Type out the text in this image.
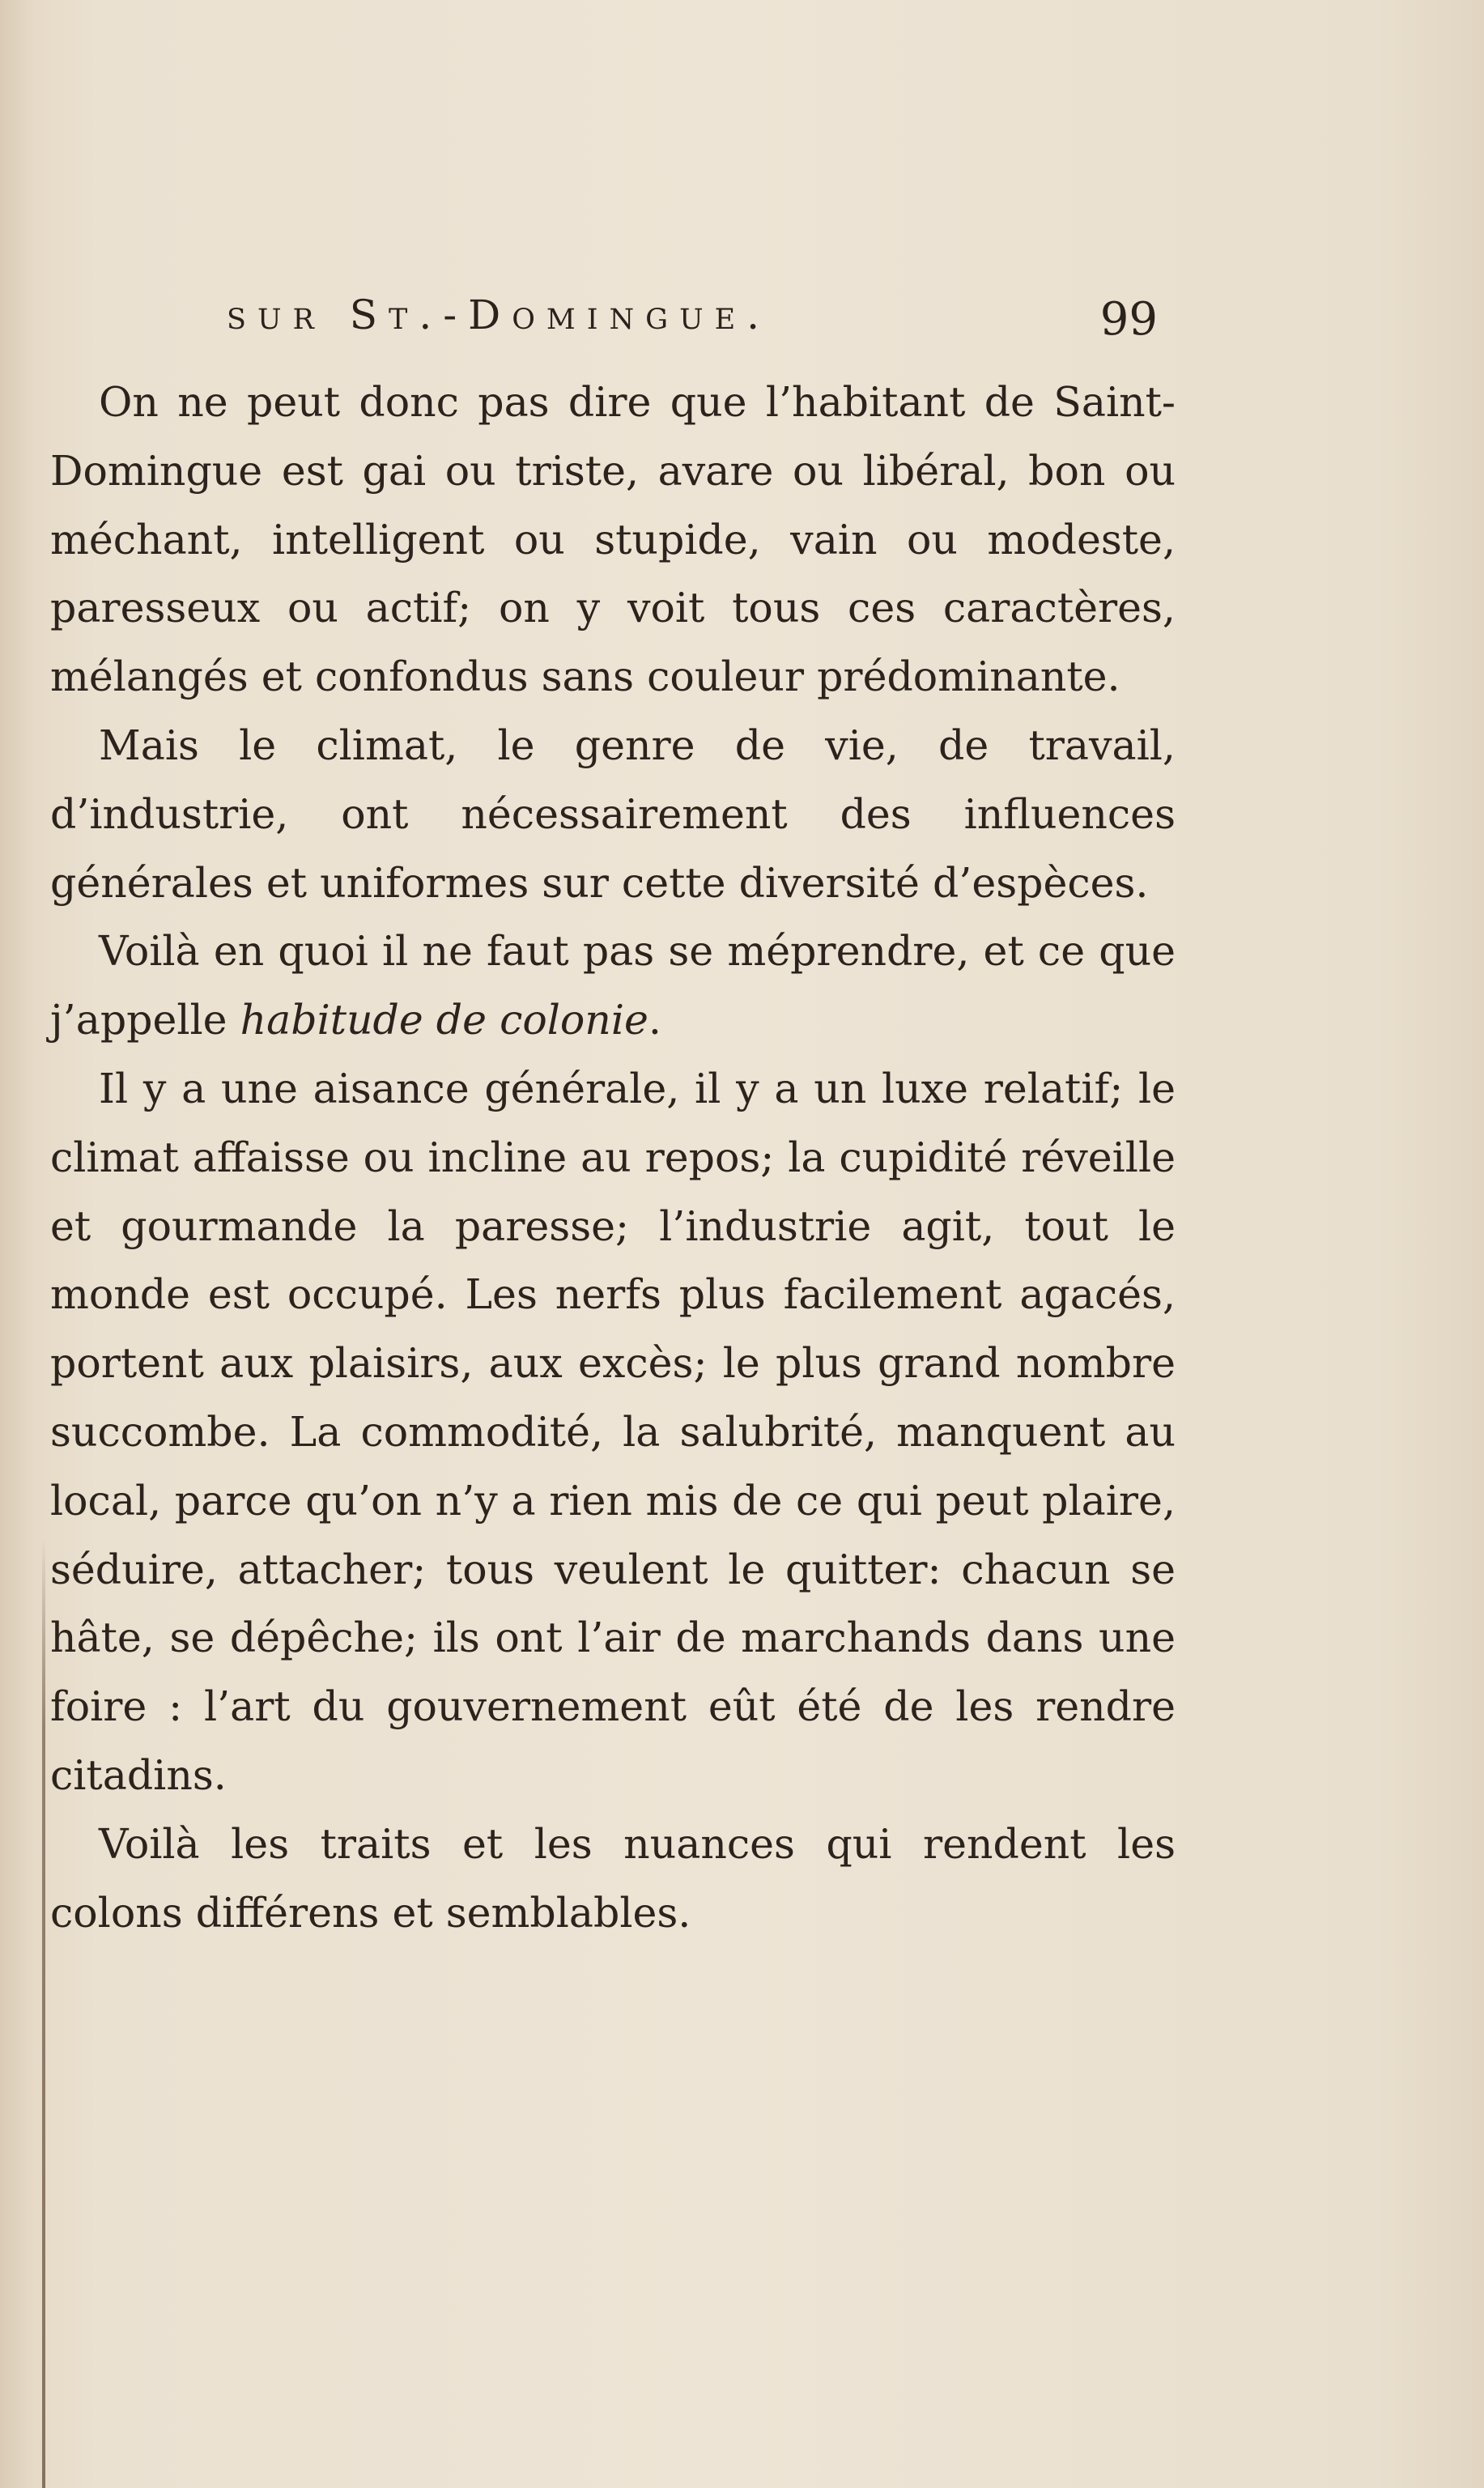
sur St.-Dominguе.	99

On ne peut donc pas dire que l’habitant de Saint-Domingue est gai ou triste, avare ou libéral, bon ou méchant, intelligent ou stupide, vain ou modeste, paresseux ou actif; on y voit tous ces caractères, mélangés et confondus sans couleur prédominante.

Mais le climat, le genre de vie, de travail, d’industrie, ont nécessairement des influences générales et uniformes sur cette diversité d’espèces.

Voilà en quoi il ne faut pas se méprendre, et ce que j’appelle habitude de colonie.

Il y a une aisance générale, il y a un luxe relatif; le climat affaisse ou incline au repos; la cupidité réveille et gourmande la paresse; l’industrie agit, tout le monde est occupé. Les nerfs plus facilement agacés, portent aux plaisirs, aux excès; le plus grand nombre succombe. La commodité, la salubrité, manquent au local, parce qu’on n’y a rien mis de ce qui peut plaire, séduire, attacher; tous veulent le quitter: chacun se hâte, se dépêche; ils ont l’air de marchands dans une foire : l’art du gouvernement eût été de les rendre citadins.

Voilà les traits et les nuances qui rendent les colons différens et semblables.
